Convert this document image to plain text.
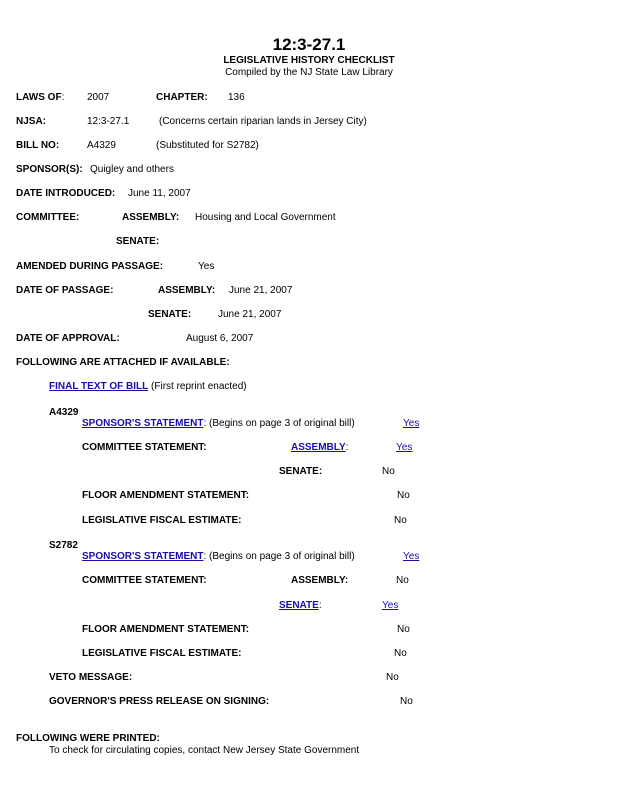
12:3-27.1
LEGISLATIVE HISTORY CHECKLIST
Compiled by the NJ State Law Library
LAWS OF: 2007	CHAPTER: 136
NJSA:	12:3-27.1	(Concerns certain riparian lands in Jersey City)
BILL NO:	A4329	(Substituted for S2782)
SPONSOR(S): Quigley and others
DATE INTRODUCED: June 11, 2007
COMMITTEE:	ASSEMBLY: Housing and Local Government
SENATE:
AMENDED DURING PASSAGE:	Yes
DATE OF PASSAGE:	ASSEMBLY: June 21, 2007
SENATE:	June 21, 2007
DATE OF APPROVAL:	August 6, 2007
FOLLOWING ARE ATTACHED IF AVAILABLE:
FINAL TEXT OF BILL (First reprint enacted)
A4329
SPONSOR'S STATEMENT: (Begins on page 3 of original bill)	Yes
COMMITTEE STATEMENT:	ASSEMBLY:	Yes
SENATE:	No
FLOOR AMENDMENT STATEMENT:	No
LEGISLATIVE FISCAL ESTIMATE:	No
S2782
SPONSOR'S STATEMENT: (Begins on page 3 of original bill)	Yes
COMMITTEE STATEMENT:	ASSEMBLY:	No
SENATE:	Yes
FLOOR AMENDMENT STATEMENT:	No
LEGISLATIVE FISCAL ESTIMATE:	No
VETO MESSAGE:	No
GOVERNOR'S PRESS RELEASE ON SIGNING:	No
FOLLOWING WERE PRINTED:
To check for circulating copies, contact New Jersey State Government
